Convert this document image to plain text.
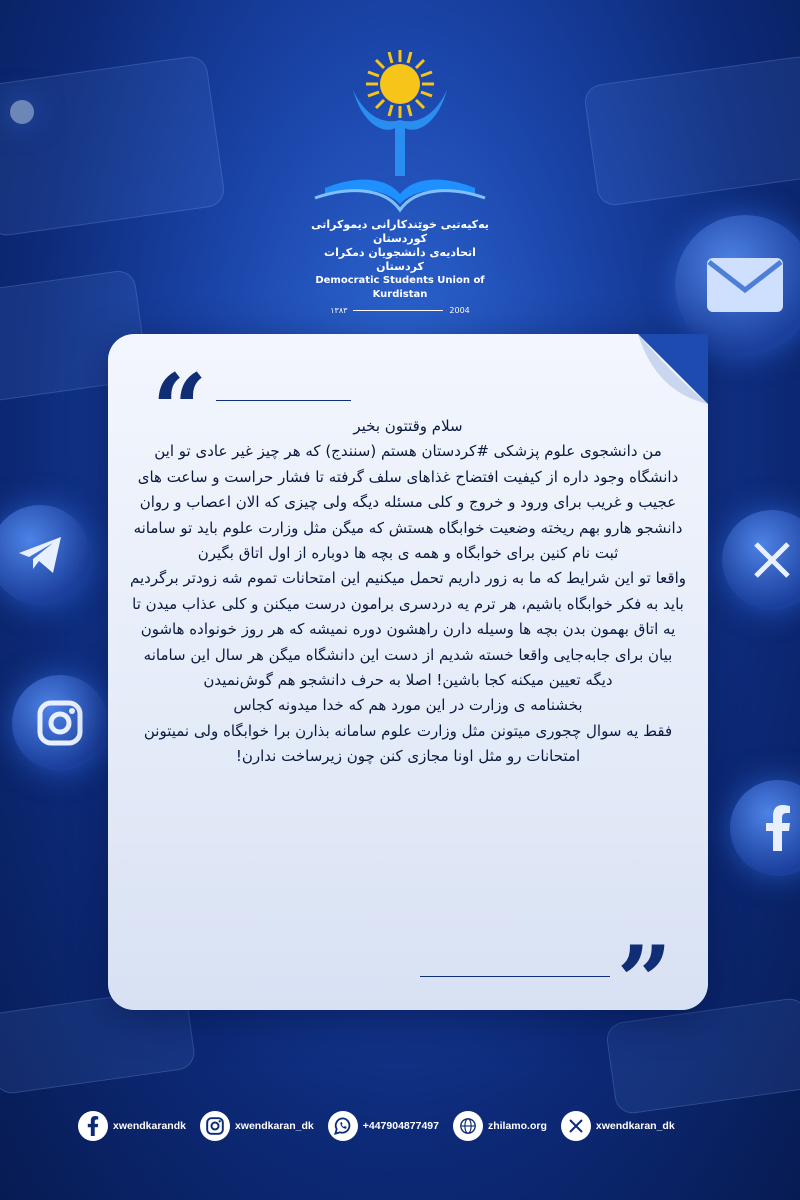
یەکیەتیی خوێندکارانی دیموکراتی کوردستان
اتحادیه‌ی دانشجویان دمکرات کردستان
Democratic Students Union of Kurdistan
١٣٨٣	2004
“	سلام وقتتون بخیر

من دانشجوی علوم پزشکی #کردستان هستم (سنندج) که هر چیز غیر عادی تو این دانشگاه وجود داره از کیفیت افتضاح غذاهای سلف گرفته تا فشار حراست و ساعت های عجیب و غریب برای ورود و خروج و کلی مسئله دیگه ولی چیزی که الان اعصاب و روان دانشجو هارو بهم ریخته وضعیت خوابگاه هستش که میگن مثل وزارت علوم باید تو سامانه ثبت نام کنین برای خوابگاه و همه ی بچه ها دوباره از اول اتاق بگیرن

واقعا تو این شرایط که ما به زور داریم تحمل میکنیم این امتحانات تموم شه زودتر برگردیم باید به فکر خوابگاه باشیم، هر ترم یه دردسری برامون درست میکنن و کلی عذاب میدن تا یه اتاق بهمون بدن بچه ها وسیله دارن راهشون دوره نمیشه که هر روز خونواده هاشون بیان برای جابه‌جایی واقعا خسته شدیم از دست این دانشگاه میگن هر سال این سامانه دیگه تعیین میکنه کجا باشین! اصلا به حرف دانشجو هم گوش‌نمیدن

بخشنامه ی وزارت در این مورد هم که خدا میدونه کجاس

فقط یه سوال چجوری میتونن مثل وزارت علوم سامانه بذارن برا خوابگاه ولی نمیتونن امتحانات رو مثل اونا مجازی کنن چون زیرساخت ندارن!

”
xwendkarandk	xwendkaran_dk	+447904877497	zhilamo.org	xwendkaran_dk
